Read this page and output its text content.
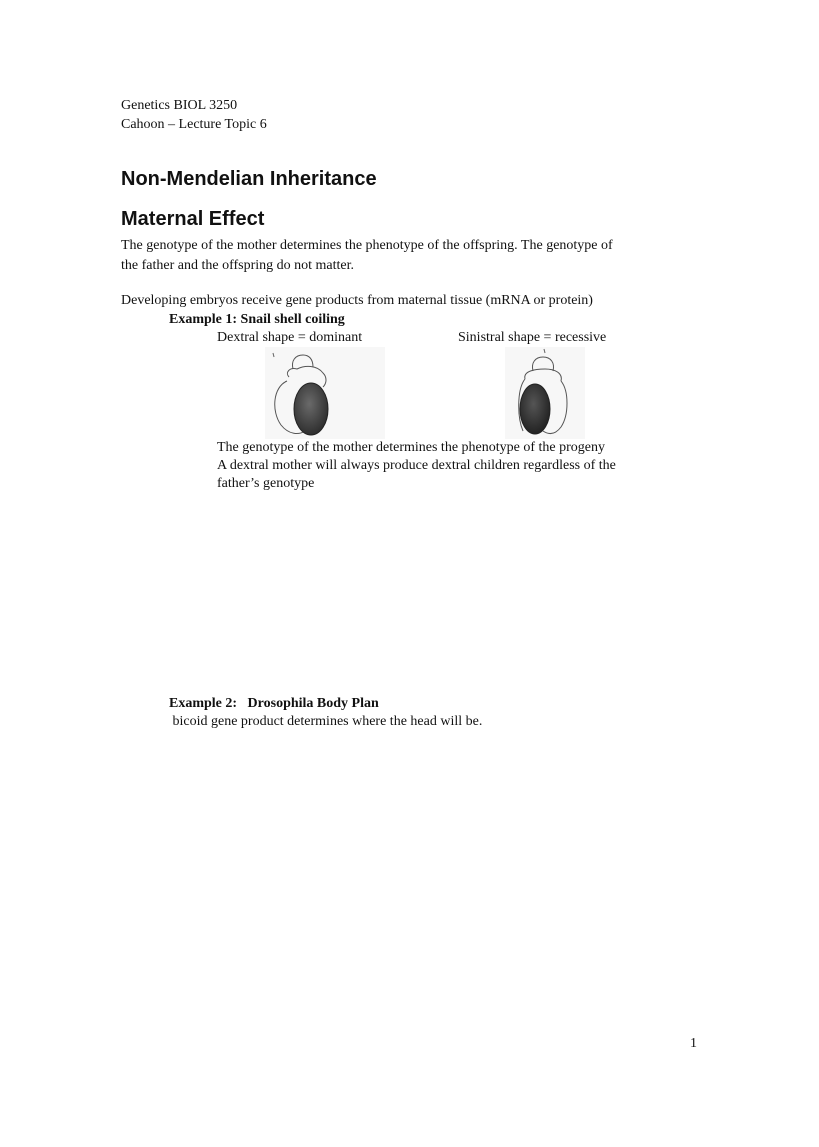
Genetics BIOL 3250
Cahoon – Lecture Topic 6
Non-Mendelian Inheritance
Maternal Effect
The genotype of the mother determines the phenotype of the offspring. The genotype of
the father and the offspring do not matter.
Developing embryos receive gene products from maternal tissue (mRNA or protein)
Example 1: Snail shell coiling
Dextral shape = dominant	Sinistral shape = recessive
The genotype of the mother determines the phenotype of the progeny
A dextral mother will always produce dextral children regardless of the
father’s genotype
Example 2:   Drosophila Body Plan
bicoid gene product determines where the head will be.
1
